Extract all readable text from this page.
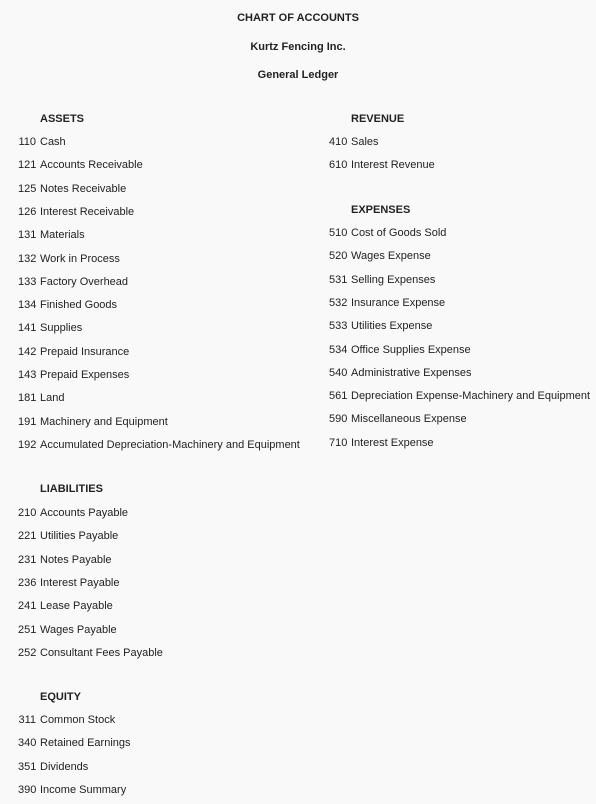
CHART OF ACCOUNTS
Kurtz Fencing Inc.
General Ledger
ASSETS
110 Cash
121 Accounts Receivable
125 Notes Receivable
126 Interest Receivable
131 Materials
132 Work in Process
133 Factory Overhead
134 Finished Goods
141 Supplies
142 Prepaid Insurance
143 Prepaid Expenses
181 Land
191 Machinery and Equipment
192 Accumulated Depreciation-Machinery and Equipment
LIABILITIES
210 Accounts Payable
221 Utilities Payable
231 Notes Payable
236 Interest Payable
241 Lease Payable
251 Wages Payable
252 Consultant Fees Payable
EQUITY
311 Common Stock
340 Retained Earnings
351 Dividends
390 Income Summary
REVENUE
410 Sales
610 Interest Revenue
EXPENSES
510 Cost of Goods Sold
520 Wages Expense
531 Selling Expenses
532 Insurance Expense
533 Utilities Expense
534 Office Supplies Expense
540 Administrative Expenses
561 Depreciation Expense-Machinery and Equipment
590 Miscellaneous Expense
710 Interest Expense
